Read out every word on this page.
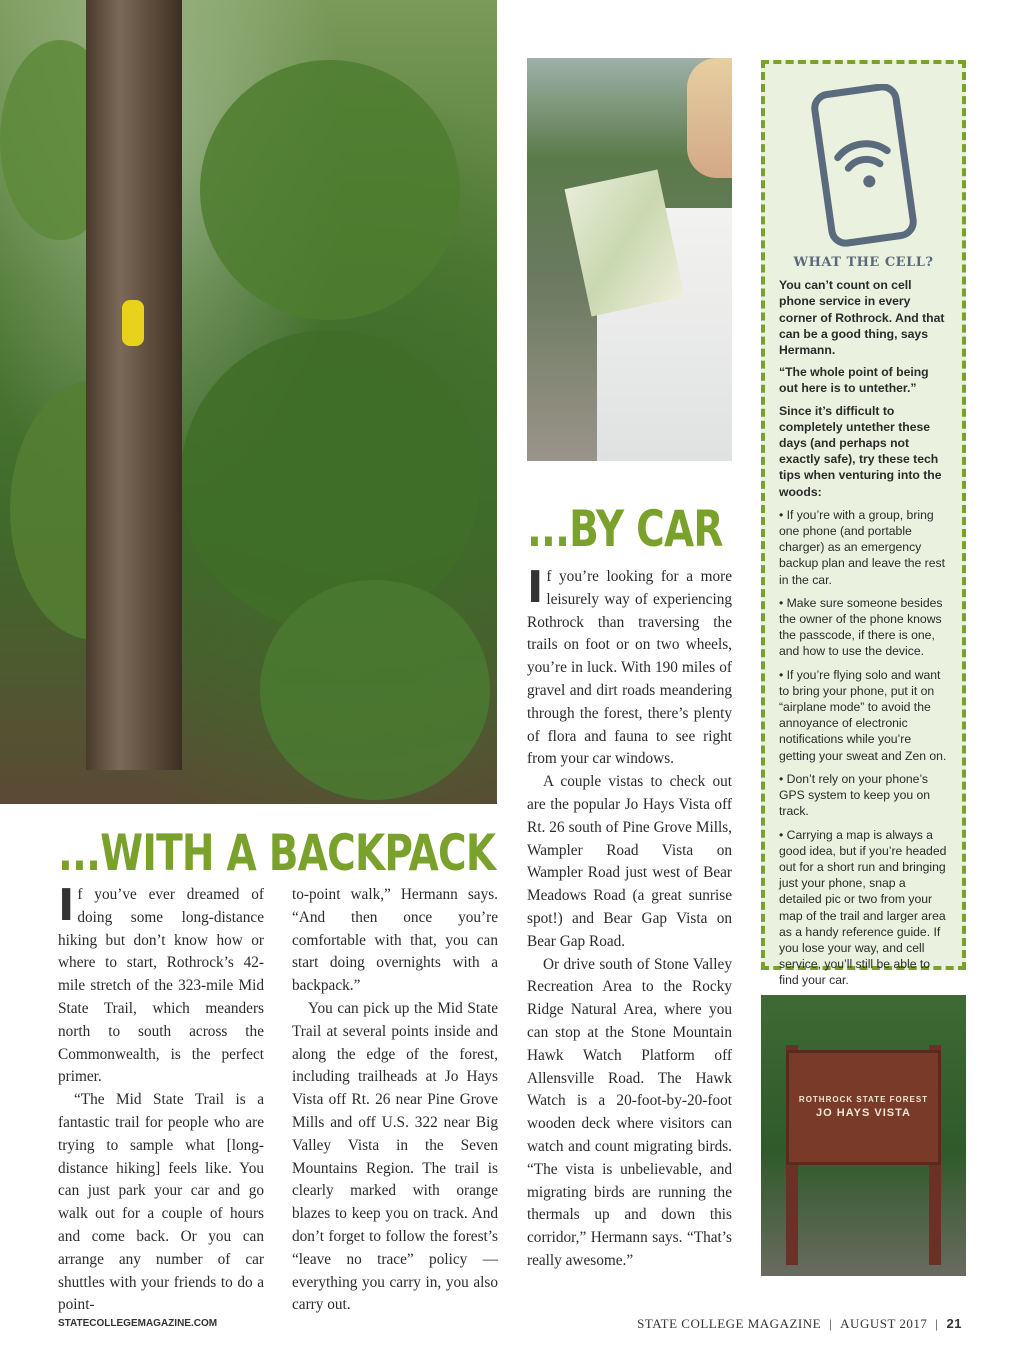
WHAT THE CELL?
You can’t count on cell phone service in every corner of Rothrock. And that can be a good thing, says Hermann.
“The whole point of being out here is to untether.”
Since it’s difficult to completely untether these days (and perhaps not exactly safe), try these tech tips when venturing into the woods:
• If you’re with a group, bring one phone (and portable charger) as an emergency backup plan and leave the rest in the car.
• Make sure someone besides the owner of the phone knows the passcode, if there is one, and how to use the device.
• If you’re flying solo and want to bring your phone, put it on “airplane mode” to avoid the annoyance of electronic notifications while you’re getting your sweat and Zen on.
• Don’t rely on your phone’s GPS system to keep you on track.
• Carrying a map is always a good idea, but if you’re headed out for a short run and bringing just your phone, snap a detailed pic or two from your map of the trail and larger area as a handy reference guide. If you lose your way, and cell service, you’ll still be able to find your car.
...BY CAR
...WITH A BACKPACK

If you’re looking for a more leisurely way of experiencing Rothrock than traversing the trails on foot or on two wheels, you’re in luck. With 190 miles of gravel and dirt roads meandering through the forest, there’s plenty of flora and fauna to see right from your car windows.

A couple vistas to check out are the popular Jo Hays Vista off Rt. 26 south of Pine Grove Mills, Wampler Road Vista on Wampler Road just west of Bear Meadows Road (a great sunrise spot!) and Bear Gap Vista on Bear Gap Road.

Or drive south of Stone Valley Recreation Area to the Rocky Ridge Natural Area, where you can stop at the Stone Mountain Hawk Watch Platform off Allensville Road. The Hawk Watch is a 20-foot-by-20-foot wooden deck where visitors can watch and count migrating birds. “The vista is unbelievable, and migrating birds are running the thermals up and down this corridor,” Hermann says. “That’s really awesome.”

If you’ve ever dreamed of doing some long-distance hiking but don’t know how or where to start, Rothrock’s 42-mile stretch of the 323-mile Mid State Trail, which meanders north to south across the Commonwealth, is the perfect primer.

“The Mid State Trail is a fantastic trail for people who are trying to sample what [long-distance hiking] feels like. You can just park your car and go walk out for a couple of hours and come back. Or you can arrange any number of car shuttles with your friends to do a point-

to-point walk,” Hermann says. “And then once you’re comfortable with that, you can start doing overnights with a backpack.”

You can pick up the Mid State Trail at several points inside and along the edge of the forest, including trailheads at Jo Hays Vista off Rt. 26 near Pine Grove Mills and off U.S. 322 near Big Valley Vista in the Seven Mountains Region. The trail is clearly marked with orange blazes to keep you on track. And don’t forget to follow the forest’s “leave no trace” policy — everything you carry in, you also carry out.

ROTHROCK STATE FOREST
JO HAYS VISTA
STATECOLLEGEMAGAZINE.COM	STATE COLLEGE MAGAZINE | AUGUST 2017 | 21
